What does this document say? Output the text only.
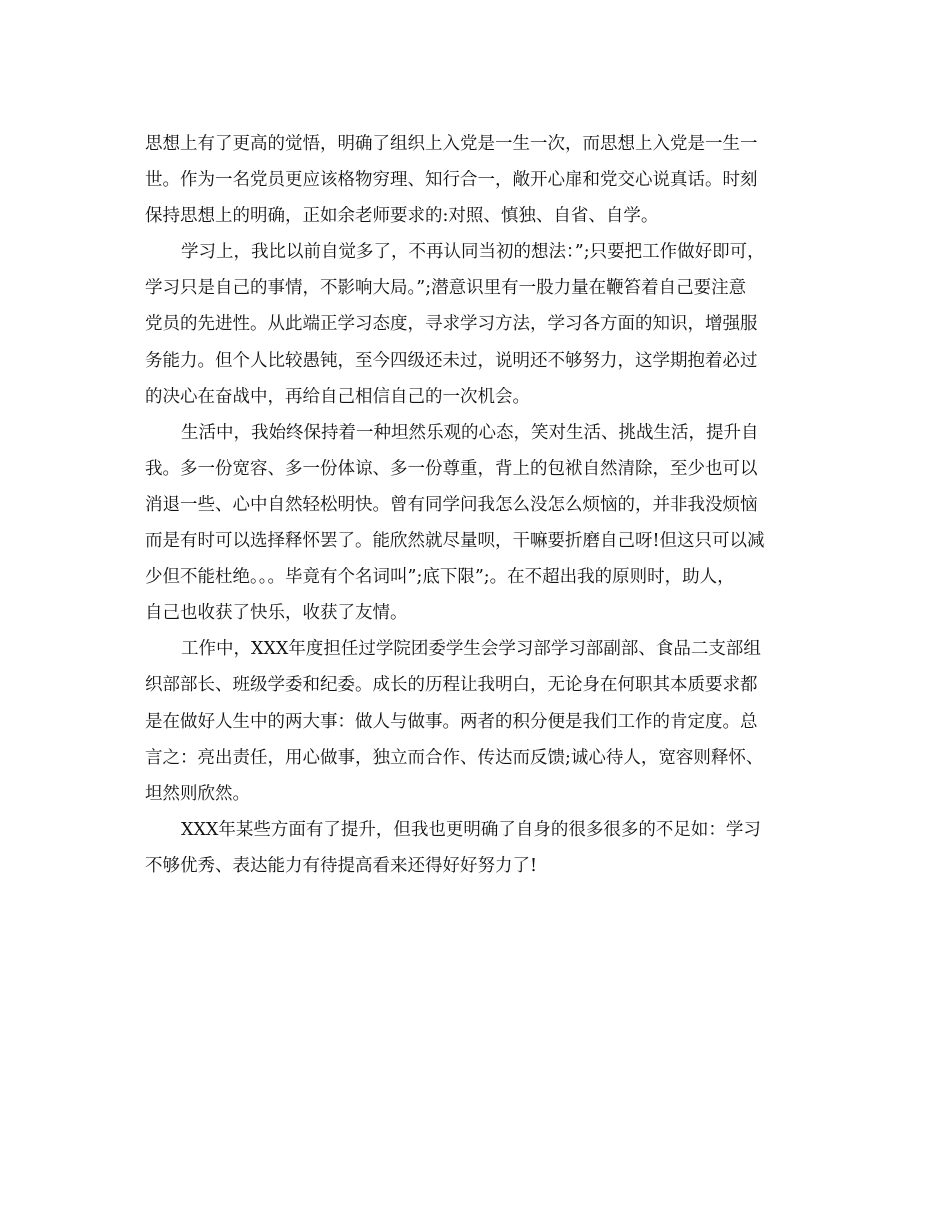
思想上有了更高的觉悟，明确了组织上入党是一生一次，而思想上入党是一生一
世。作为一名党员更应该格物穷理、知行合一，敞开心扉和党交心说真话。时刻
保持思想上的明确，正如余老师要求的:对照、慎独、自省、自学。
学习上，我比以前自觉多了，不再认同当初的想法：”;只要把工作做好即可，
学习只是自己的事情，不影响大局。”;潜意识里有一股力量在鞭笞着自己要注意
党员的先进性。从此端正学习态度，寻求学习方法，学习各方面的知识，增强服
务能力。但个人比较愚钝，至今四级还未过，说明还不够努力，这学期抱着必过
的决心在奋战中，再给自己相信自己的一次机会。
生活中，我始终保持着一种坦然乐观的心态，笑对生活、挑战生活，提升自
我。多一份宽容、多一份体谅、多一份尊重，背上的包袱自然清除，至少也可以
消退一些、心中自然轻松明快。曾有同学问我怎么没怎么烦恼的，并非我没烦恼
而是有时可以选择释怀罢了。能欣然就尽量呗，干嘛要折磨自己呀!但这只可以减
少但不能杜绝。。。毕竟有个名词叫”;底下限”;。在不超出我的原则时，助人，
自己也收获了快乐，收获了友情。
工作中，XXX年度担任过学院团委学生会学习部学习部副部、食品二支部组
织部部长、班级学委和纪委。成长的历程让我明白，无论身在何职其本质要求都
是在做好人生中的两大事：做人与做事。两者的积分便是我们工作的肯定度。总
言之：亮出责任，用心做事，独立而合作、传达而反馈;诚心待人，宽容则释怀、
坦然则欣然。
XXX年某些方面有了提升，但我也更明确了自身的很多很多的不足如：学习
不够优秀、表达能力有待提高看来还得好好努力了!
